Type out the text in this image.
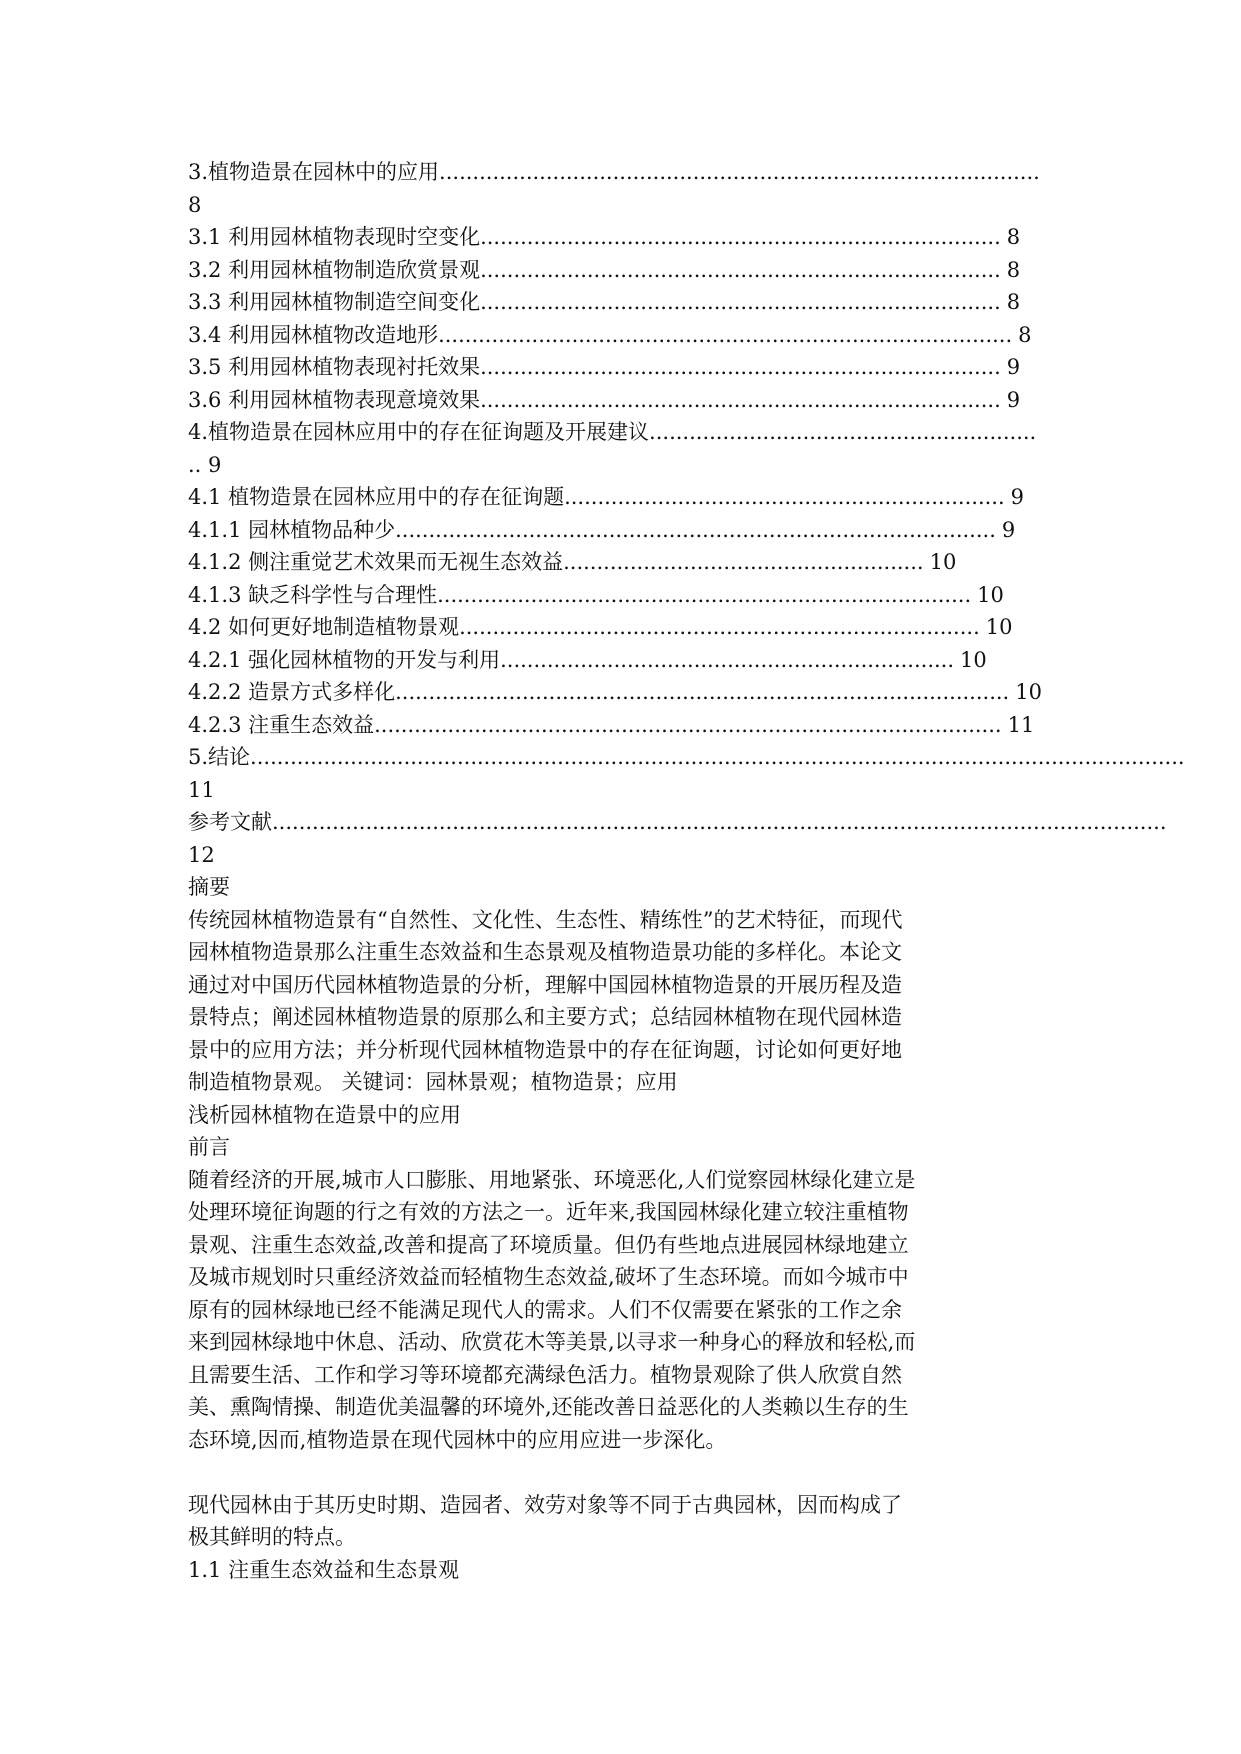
3.植物造景在园林中的应用 ..........................................................................................
8
3.1 利用园林植物表现时空变化 .............................................................................. 8
3.2 利用园林植物制造欣赏景观 .............................................................................. 8
3.3 利用园林植物制造空间变化 .............................................................................. 8
3.4 利用园林植物改造地形 ...................................................................................... 8
3.5 利用园林植物表现衬托效果 .............................................................................. 9
3.6 利用园林植物表现意境效果 .............................................................................. 9
4.植物造景在园林应用中的存在征询题及开展建议 ..........................................................
.. 9
4.1 植物造景在园林应用中的存在征询题 .................................................................. 9
4.1.1 园林植物品种少 .......................................................................................... 9
4.1.2 侧注重觉艺术效果而无视生态效益 ...................................................... 10
4.1.3 缺乏科学性与合理性 ................................................................................ 10
4.2 如何更好地制造植物景观 .............................................................................. 10
4.2.1 强化园林植物的开发与利用 .................................................................... 10
4.2.2 造景方式多样化 ............................................................................................ 10
4.2.3 注重生态效益 .............................................................................................. 11
5.结论 ............................................................................................................................................
11
参考文献 ......................................................................................................................................
12
摘要
传统园林植物造景有“自然性、文化性、生态性、精练性”的艺术特征，而现代
园林植物造景那么注重生态效益和生态景观及植物造景功能的多样化。本论文
通过对中国历代园林植物造景的分析，理解中国园林植物造景的开展历程及造
景特点；阐述园林植物造景的原那么和主要方式；总结园林植物在现代园林造
景中的应用方法；并分析现代园林植物造景中的存在征询题，讨论如何更好地
制造植物景观。 关键词：园林景观；植物造景；应用
浅析园林植物在造景中的应用
前言
随着经济的开展,城市人口膨胀、用地紧张、环境恶化,人们觉察园林绿化建立是
处理环境征询题的行之有效的方法之一。近年来,我国园林绿化建立较注重植物
景观、注重生态效益,改善和提高了环境质量。但仍有些地点进展园林绿地建立
及城市规划时只重经济效益而轻植物生态效益,破坏了生态环境。而如今城市中
原有的园林绿地已经不能满足现代人的需求。人们不仅需要在紧张的工作之余
来到园林绿地中休息、活动、欣赏花木等美景,以寻求一种身心的释放和轻松,而
且需要生活、工作和学习等环境都充满绿色活力。植物景观除了供人欣赏自然
美、熏陶情操、制造优美温馨的环境外,还能改善日益恶化的人类赖以生存的生
态环境,因而,植物造景在现代园林中的应用应进一步深化。
现代园林由于其历史时期、造园者、效劳对象等不同于古典园林，因而构成了
极其鲜明的特点。
1.1 注重生态效益和生态景观
